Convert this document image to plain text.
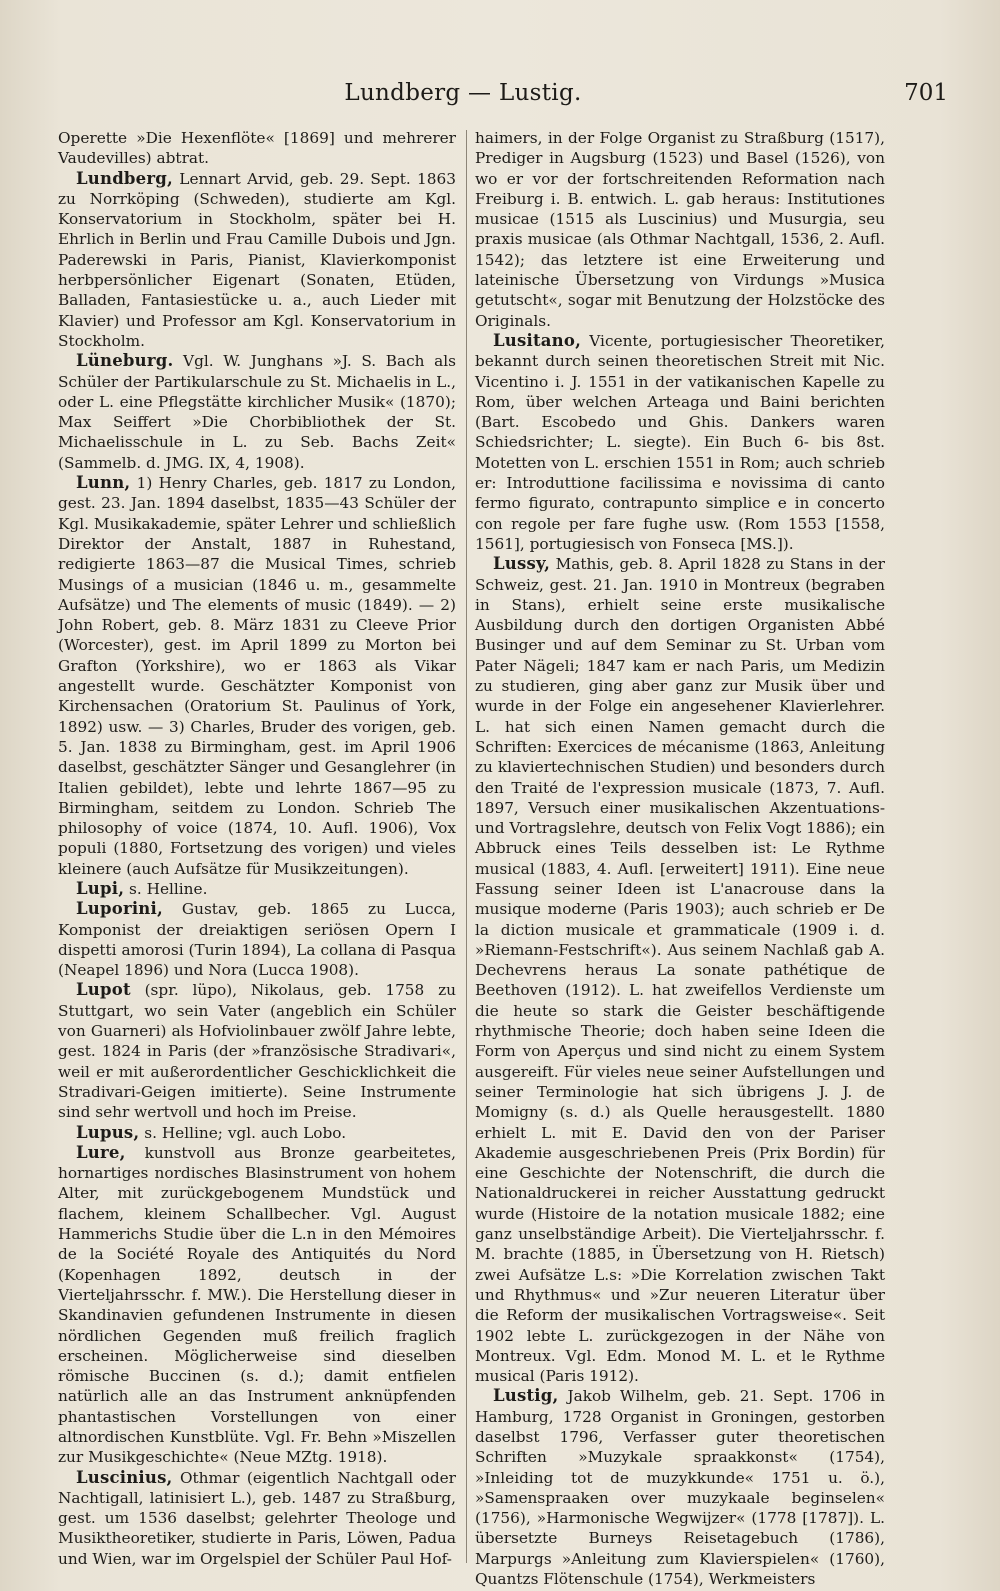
Lundberg — Lustig.	701

Operette »Die Hexenflöte« [1869] und mehrerer Vaudevilles) abtrat.

Lundberg, Lennart Arvid, geb. 29. Sept. 1863 zu Norrköping (Schweden), studierte am Kgl. Konservatorium in Stockholm, später bei H. Ehrlich in Berlin und Frau Camille Dubois und Jgn. Paderewski in Paris, Pianist, Klavierkomponist herbpersönlicher Eigenart (Sonaten, Etüden, Balladen, Fantasiestücke u. a., auch Lieder mit Klavier) und Professor am Kgl. Konservatorium in Stockholm.

Lüneburg. Vgl. W. Junghans »J. S. Bach als Schüler der Partikularschule zu St. Michaelis in L., oder L. eine Pflegstätte kirchlicher Musik« (1870); Max Seiffert »Die Chorbibliothek der St. Michaelisschule in L. zu Seb. Bachs Zeit« (Sammelb. d. JMG. IX, 4, 1908).

Lunn, 1) Henry Charles, geb. 1817 zu London, gest. 23. Jan. 1894 daselbst, 1835—43 Schüler der Kgl. Musikakademie, später Lehrer und schließlich Direktor der Anstalt, 1887 in Ruhestand, redigierte 1863—87 die Musical Times, schrieb Musings of a musician (1846 u. m., gesammelte Aufsätze) und The elements of music (1849). — 2) John Robert, geb. 8. März 1831 zu Cleeve Prior (Worcester), gest. im April 1899 zu Morton bei Grafton (Yorkshire), wo er 1863 als Vikar angestellt wurde. Geschätzter Komponist von Kirchensachen (Oratorium St. Paulinus of York, 1892) usw. — 3) Charles, Bruder des vorigen, geb. 5. Jan. 1838 zu Birmingham, gest. im April 1906 daselbst, geschätzter Sänger und Gesanglehrer (in Italien gebildet), lebte und lehrte 1867—95 zu Birmingham, seitdem zu London. Schrieb The philosophy of voice (1874, 10. Aufl. 1906), Vox populi (1880, Fortsetzung des vorigen) und vieles kleinere (auch Aufsätze für Musikzeitungen).

Lupi, s. Helline.

Luporini, Gustav, geb. 1865 zu Lucca, Komponist der dreiaktigen seriösen Opern I dispetti amorosi (Turin 1894), La collana di Pasqua (Neapel 1896) und Nora (Lucca 1908).

Lupot (spr. lüpo), Nikolaus, geb. 1758 zu Stuttgart, wo sein Vater (angeblich ein Schüler von Guarneri) als Hofviolinbauer zwölf Jahre lebte, gest. 1824 in Paris (der »französische Stradivari«, weil er mit außerordentlicher Geschicklichkeit die Stradivari-Geigen imitierte). Seine Instrumente sind sehr wertvoll und hoch im Preise.

Lupus, s. Helline; vgl. auch Lobo.

Lure, kunstvoll aus Bronze gearbeitetes, hornartiges nordisches Blasinstrument von hohem Alter, mit zurückgebogenem Mundstück und flachem, kleinem Schallbecher. Vgl. August Hammerichs Studie über die L.n in den Mémoires de la Société Royale des Antiquités du Nord (Kopenhagen 1892, deutsch in der Vierteljahrsschr. f. MW.). Die Herstellung dieser in Skandinavien gefundenen Instrumente in diesen nördlichen Gegenden muß freilich fraglich erscheinen. Möglicherweise sind dieselben römische Buccinen (s. d.); damit entfielen natürlich alle an das Instrument anknüpfenden phantastischen Vorstellungen von einer altnordischen Kunstblüte. Vgl. Fr. Behn »Miszellen zur Musikgeschichte« (Neue MZtg. 1918).

Luscinius, Othmar (eigentlich Nachtgall oder Nachtigall, latinisiert L.), geb. 1487 zu Straßburg, gest. um 1536 daselbst; gelehrter Theologe und Musiktheoretiker, studierte in Paris, Löwen, Padua und Wien, war im Orgelspiel der Schüler Paul Hof-

haimers, in der Folge Organist zu Straßburg (1517), Prediger in Augsburg (1523) und Basel (1526), von wo er vor der fortschreitenden Reformation nach Freiburg i. B. entwich. L. gab heraus: Institutiones musicae (1515 als Luscinius) und Musurgia, seu praxis musicae (als Othmar Nachtgall, 1536, 2. Aufl. 1542); das letztere ist eine Erweiterung und lateinische Übersetzung von Virdungs »Musica getutscht«, sogar mit Benutzung der Holzstöcke des Originals.

Lusitano, Vicente, portugiesischer Theoretiker, bekannt durch seinen theoretischen Streit mit Nic. Vicentino i. J. 1551 in der vatikanischen Kapelle zu Rom, über welchen Arteaga und Baini berichten (Bart. Escobedo und Ghis. Dankers waren Schiedsrichter; L. siegte). Ein Buch 6- bis 8st. Motetten von L. erschien 1551 in Rom; auch schrieb er: Introduttione facilissima e novissima di canto fermo figurato, contrapunto simplice e in concerto con regole per fare fughe usw. (Rom 1553 [1558, 1561], portugiesisch von Fonseca [MS.]).

Lussy, Mathis, geb. 8. April 1828 zu Stans in der Schweiz, gest. 21. Jan. 1910 in Montreux (begraben in Stans), erhielt seine erste musikalische Ausbildung durch den dortigen Organisten Abbé Businger und auf dem Seminar zu St. Urban vom Pater Nägeli; 1847 kam er nach Paris, um Medizin zu studieren, ging aber ganz zur Musik über und wurde in der Folge ein angesehener Klavierlehrer. L. hat sich einen Namen gemacht durch die Schriften: Exercices de mécanisme (1863, Anleitung zu klaviertechnischen Studien) und besonders durch den Traité de l'expression musicale (1873, 7. Aufl. 1897, Versuch einer musikalischen Akzentuations- und Vortragslehre, deutsch von Felix Vogt 1886); ein Abbruck eines Teils desselben ist: Le Rythme musical (1883, 4. Aufl. [erweitert] 1911). Eine neue Fassung seiner Ideen ist L'anacrouse dans la musique moderne (Paris 1903); auch schrieb er De la diction musicale et grammaticale (1909 i. d. »Riemann-Festschrift«). Aus seinem Nachlaß gab A. Dechevrens heraus La sonate pathétique de Beethoven (1912). L. hat zweifellos Verdienste um die heute so stark die Geister beschäftigende rhythmische Theorie; doch haben seine Ideen die Form von Aperçus und sind nicht zu einem System ausgereift. Für vieles neue seiner Aufstellungen und seiner Terminologie hat sich übrigens J. J. de Momigny (s. d.) als Quelle herausgestellt. 1880 erhielt L. mit E. David den von der Pariser Akademie ausgeschriebenen Preis (Prix Bordin) für eine Geschichte der Notenschrift, die durch die Nationaldruckerei in reicher Ausstattung gedruckt wurde (Histoire de la notation musicale 1882; eine ganz unselbständige Arbeit). Die Vierteljahrsschr. f. M. brachte (1885, in Übersetzung von H. Rietsch) zwei Aufsätze L.s: »Die Korrelation zwischen Takt und Rhythmus« und »Zur neueren Literatur über die Reform der musikalischen Vortragsweise«. Seit 1902 lebte L. zurückgezogen in der Nähe von Montreux. Vgl. Edm. Monod M. L. et le Rythme musical (Paris 1912).

Lustig, Jakob Wilhelm, geb. 21. Sept. 1706 in Hamburg, 1728 Organist in Groningen, gestorben daselbst 1796, Verfasser guter theoretischen Schriften »Muzykale spraakkonst« (1754), »Inleiding tot de muzykkunde« 1751 u. ö.), »Samenspraaken over muzykaale beginselen« (1756), »Harmonische Wegwijzer« (1778 [1787]). L. übersetzte Burneys Reisetagebuch (1786), Marpurgs »Anleitung zum Klavierspielen« (1760), Quantzs Flötenschule (1754), Werkmeisters
